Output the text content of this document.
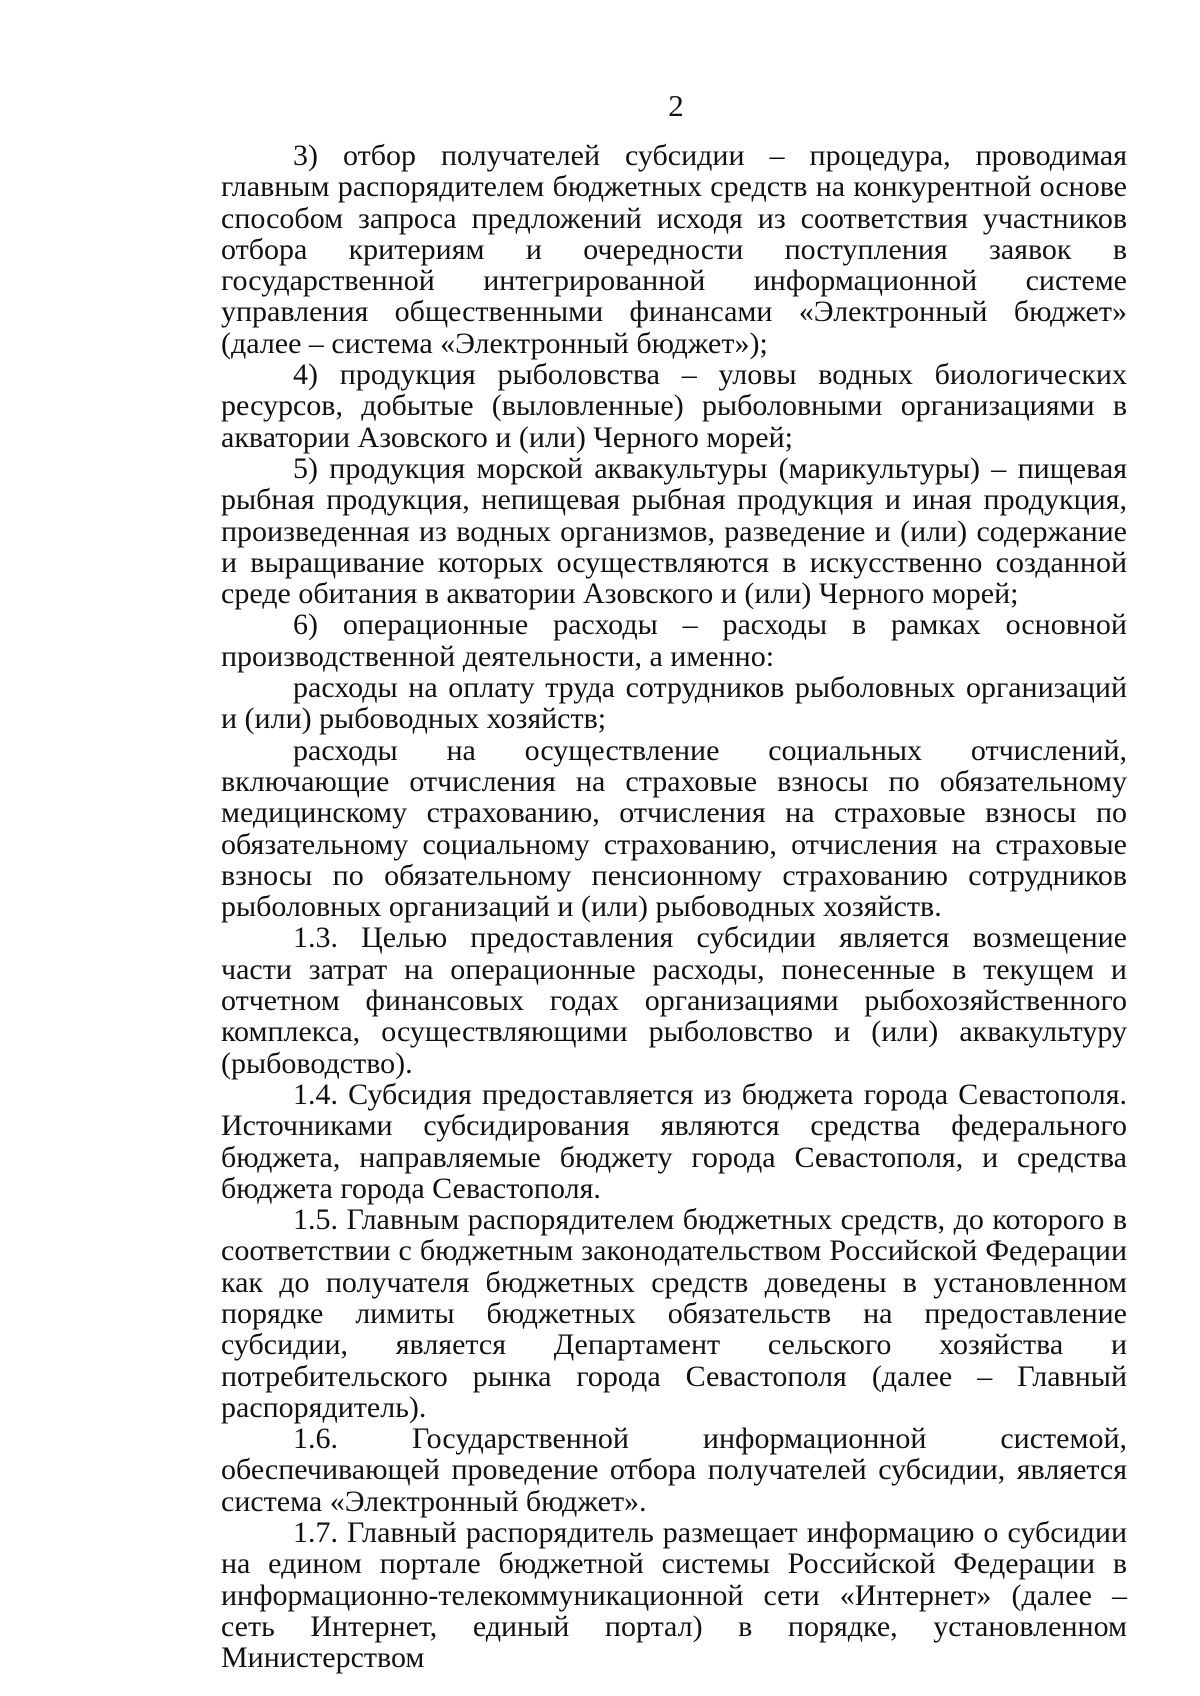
2

3) отбор получателей субсидии – процедура, проводимая главным распорядителем бюджетных средств на конкурентной основе способом запроса предложений исходя из соответствия участников отбора критериям и очередности поступления заявок в государственной интегрированной информационной системе управления общественными финансами «Электронный бюджет» (далее – система «Электронный бюджет»);

4) продукция рыболовства – уловы водных биологических ресурсов, добытые (выловленные) рыболовными организациями в акватории Азовского и (или) Черного морей;

5) продукция морской аквакультуры (марикультуры) – пищевая рыбная продукция, непищевая рыбная продукция и иная продукция, произведенная из водных организмов, разведение и (или) содержание и выращивание которых осуществляются в искусственно созданной среде обитания в акватории Азовского и (или) Черного морей;

6) операционные расходы – расходы в рамках основной производственной деятельности, а именно:

расходы на оплату труда сотрудников рыболовных организаций и (или) рыбоводных хозяйств;

расходы на осуществление социальных отчислений, включающие отчисления на страховые взносы по обязательному медицинскому страхованию, отчисления на страховые взносы по обязательному социальному страхованию, отчисления на страховые взносы по обязательному пенсионному страхованию сотрудников рыболовных организаций и (или) рыбоводных хозяйств.

1.3. Целью предоставления субсидии является возмещение части затрат на операционные расходы, понесенные в текущем и отчетном финансовых годах организациями рыбохозяйственного комплекса, осуществляющими рыболовство и (или) аквакультуру (рыбоводство).

1.4. Субсидия предоставляется из бюджета города Севастополя. Источниками субсидирования являются средства федерального бюджета, направляемые бюджету города Севастополя, и средства бюджета города Севастополя.

1.5. Главным распорядителем бюджетных средств, до которого в соответствии с бюджетным законодательством Российской Федерации как до получателя бюджетных средств доведены в установленном порядке лимиты бюджетных обязательств на предоставление субсидии, является Департамент сельского хозяйства и потребительского рынка города Севастополя (далее – Главный распорядитель).

1.6. Государственной информационной системой, обеспечивающей проведение отбора получателей субсидии, является система «Электронный бюджет».

1.7. Главный распорядитель размещает информацию о субсидии на едином портале бюджетной системы Российской Федерации в информационно-телекоммуникационной сети «Интернет» (далее – сеть Интернет, единый портал) в порядке, установленном Министерством
